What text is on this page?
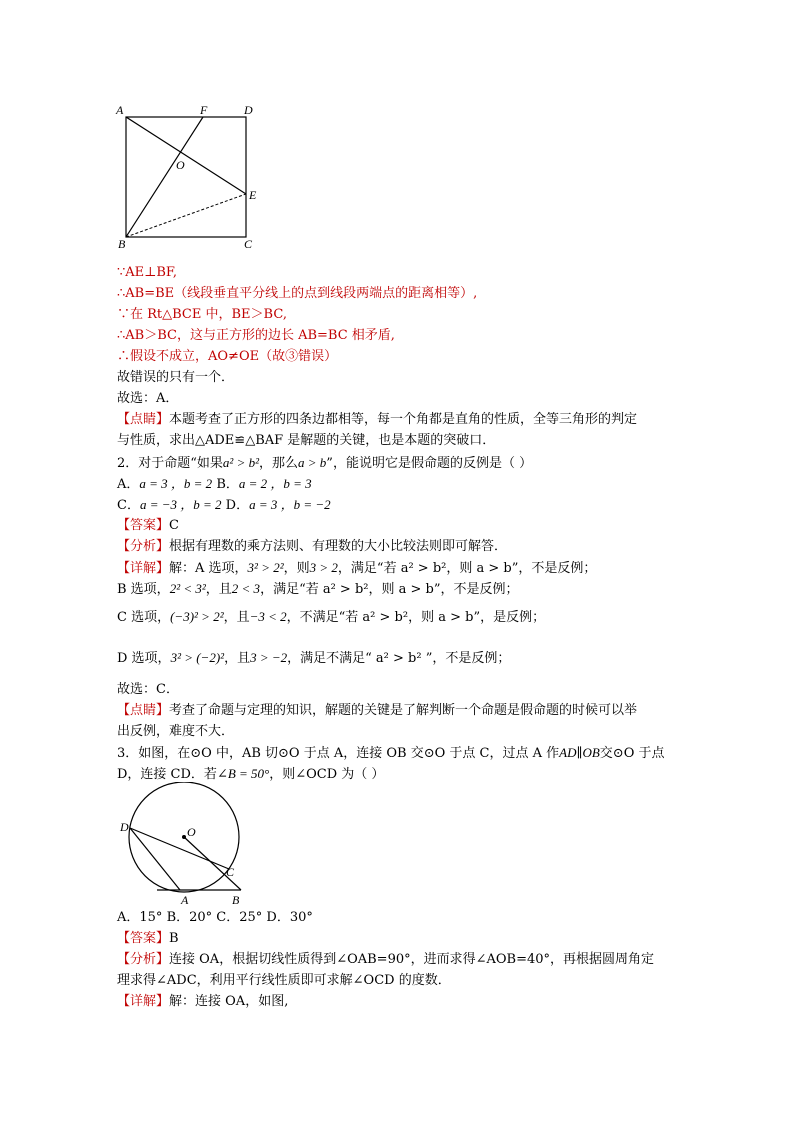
A	F	D
O
E
B	C
∵AE⊥BF,
∴AB=BE（线段垂直平分线上的点到线段两端点的距离相等）,
∵在 Rt△BCE 中，BE＞BC,
∴AB＞BC，这与正方形的边长 AB=BC 相矛盾,
∴假设不成立，AO≠OE（故③错误）
故错误的只有一个．
故选：A．
【点睛】本题考查了正方形的四条边都相等，每一个角都是直角的性质，全等三角形的判定
与性质，求出△ADE≌△BAF 是解题的关键，也是本题的突破口．
2．对于命题“如果a² > b²，那么a > b”，能说明它是假命题的反例是（ ）
A．a = 3 ，b = 2 B．a = 2 ，b = 3
C．a = −3 ，b = 2 D．a = 3 ，b = −2
【答案】C
【分析】根据有理数的乘方法则、有理数的大小比较法则即可解答．
【详解】解：A 选项，3² > 2²，则3 > 2，满足“若 a² > b²，则 a > b”，不是反例；
B 选项，2² < 3²，且2 < 3，满足“若 a² > b²，则 a > b”，不是反例；
C 选项，(−3)² > 2²，且−3 < 2，不满足“若 a² > b²，则 a > b”，是反例；
D 选项，3² > (−2)²，且3 > −2，满足不满足“ a² > b² ”，不是反例；
故选：C．
【点睛】考查了命题与定理的知识，解题的关键是了解判断一个命题是假命题的时候可以举
出反例，难度不大．
3．如图，在⊙O 中，AB 切⊙O 于点 A，连接 OB 交⊙O 于点 C，过点 A 作AD∥OB交⊙O 于点
D，连接 CD．若∠B = 50°，则∠OCD 为（ ）
D	O
C
A	B
A．15° B．20° C．25° D．30°
【答案】B
【分析】连接 OA，根据切线性质得到∠OAB=90°，进而求得∠AOB=40°，再根据圆周角定
理求得∠ADC，利用平行线性质即可求解∠OCD 的度数．
【详解】解：连接 OA，如图,
